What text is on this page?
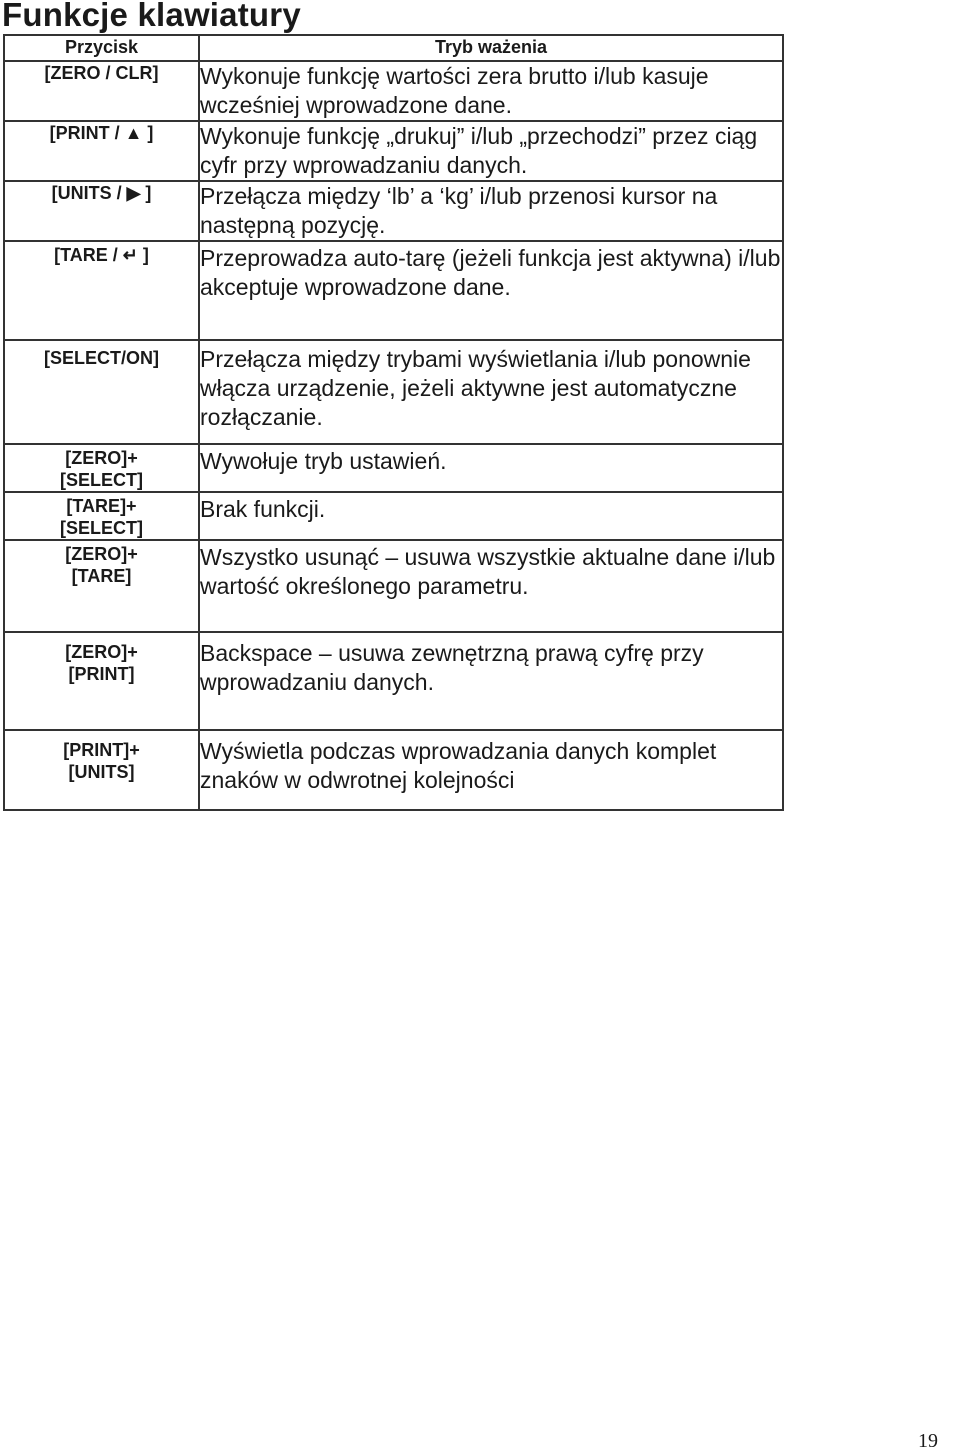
Funkcje klawiatury
Przycisk	Tryb ważenia

[ZERO / CLR]	Wykonuje funkcję wartości zera brutto i/lub kasuje wcześniej wprowadzone dane.

[PRINT / ▲ ]	Wykonuje funkcję „drukuj” i/lub „przechodzi” przez ciąg cyfr przy wprowadzaniu danych.

[UNITS / ▶ ]	Przełącza między ‘lb’ a ‘kg’ i/lub przenosi kursor na następną pozycję.

[TARE / ↵ ]	Przeprowadza auto-tarę (jeżeli funkcja jest aktywna) i/lub akceptuje wprowadzone dane.

[SELECT/ON]	Przełącza między trybami wyświetlania i/lub ponownie włącza urządzenie, jeżeli aktywne jest automatyczne rozłączanie.

[ZERO]+
[SELECT]	Wywołuje tryb ustawień.

[TARE]+
[SELECT]	Brak funkcji.

[ZERO]+
[TARE]	Wszystko usunąć – usuwa wszystkie aktualne dane i/lub wartość określonego parametru.

[ZERO]+
[PRINT]	Backspace – usuwa zewnętrzną prawą cyfrę przy wprowadzaniu danych.

[PRINT]+
[UNITS]	Wyświetla podczas wprowadzania danych komplet znaków w odwrotnej kolejności
19
